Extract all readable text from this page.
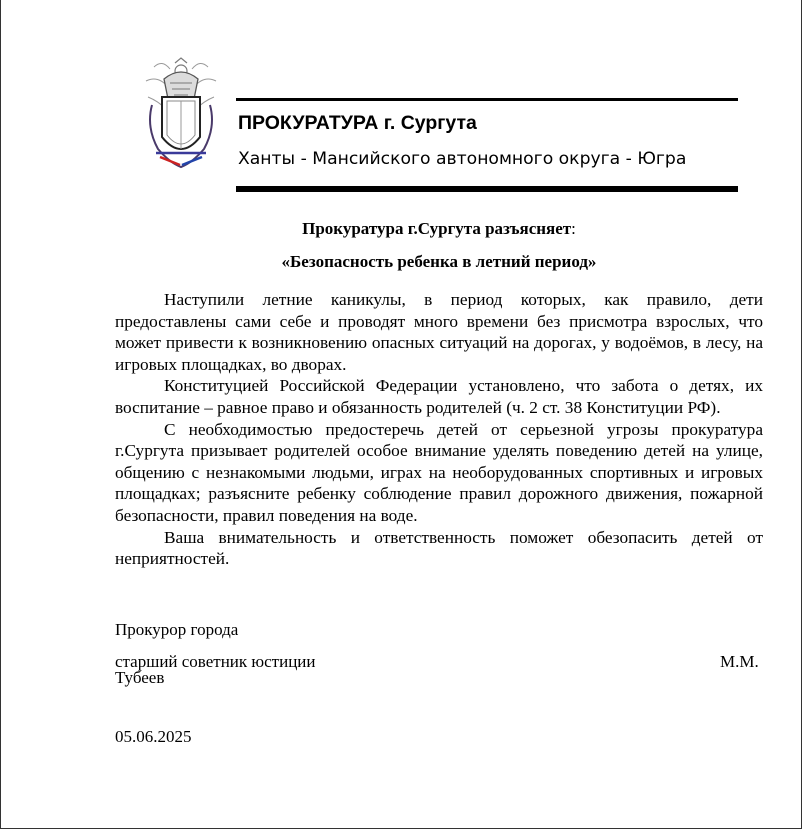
ПРОКУРАТУРА г. Сургута
Ханты - Мансийского автономного округа - Югра
Прокуратура г.Сургута разъясняет:
«Безопасность ребенка в летний период»

Наступили летние каникулы, в период которых, как правило, дети предоставлены сами себе и проводят много времени без присмотра взрослых, что может привести к возникновению опасных ситуаций на дорогах, у водоёмов, в лесу, на игровых площадках, во дворах.

Конституцией Российской Федерации установлено, что забота о детях, их воспитание – равное право и обязанность родителей (ч. 2 ст. 38 Конституции РФ).

С необходимостью предостеречь детей от серьезной угрозы прокуратура г.Сургута призывает родителей особое внимание уделять поведению детей на улице, общению с незнакомыми людьми, играх на необорудованных спортивных и игровых площадках; разъясните ребенку соблюдение правил дорожного движения, пожарной безопасности, правил поведения на воде.

Ваша внимательность и ответственность поможет обезопасить детей от неприятностей.

Прокурор города
старший советник юстиции	М.М.
Тубеев
05.06.2025
